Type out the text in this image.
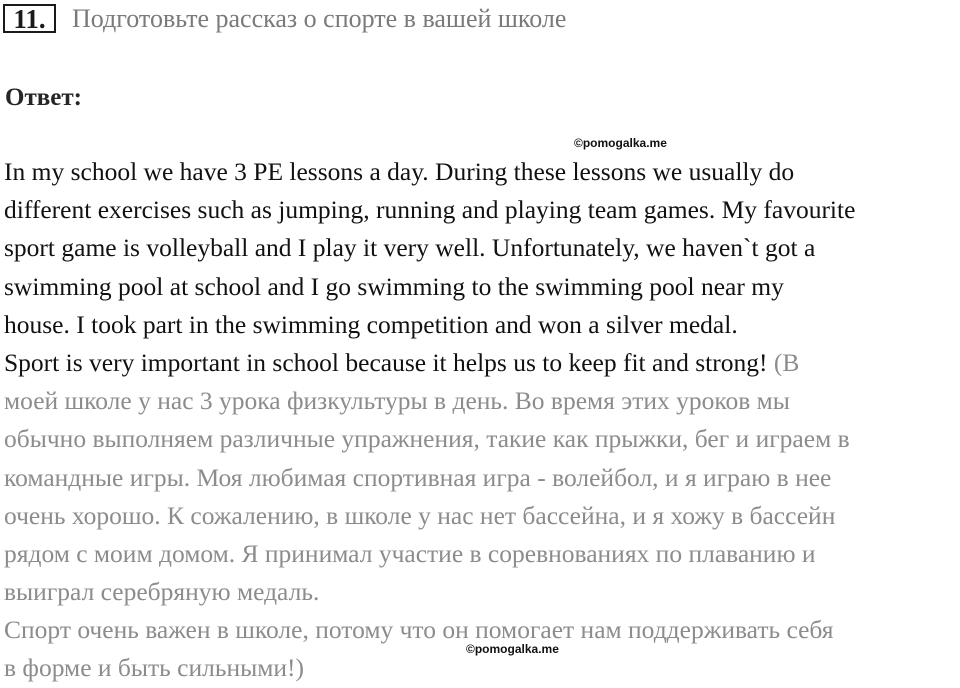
11.	Подготовьте рассказ о спорте в вашей школе
Ответ:
©pomogalka.me
In my school we have 3 PE lessons a day. During these lessons we usually do
different exercises such as jumping, running and playing team games. My favourite
sport game is volleyball and I play it very well. Unfortunately, we haven`t got a
swimming pool at school and I go swimming to the swimming pool near my
house. I took part in the swimming competition and won a silver medal.
Sport is very important in school because it helps us to keep fit and strong! (В
моей школе у нас 3 урока физкультуры в день. Во время этих уроков мы
обычно выполняем различные упражнения, такие как прыжки, бег и играем в
командные игры. Моя любимая спортивная игра - волейбол, и я играю в нее
очень хорошо. К сожалению, в школе у нас нет бассейна, и я хожу в бассейн
рядом с моим домом. Я принимал участие в соревнованиях по плаванию и
выиграл серебряную медаль.
Спорт очень важен в школе, потому что он помогает нам поддерживать себя
в форме и быть сильными!)
©pomogalka.me
